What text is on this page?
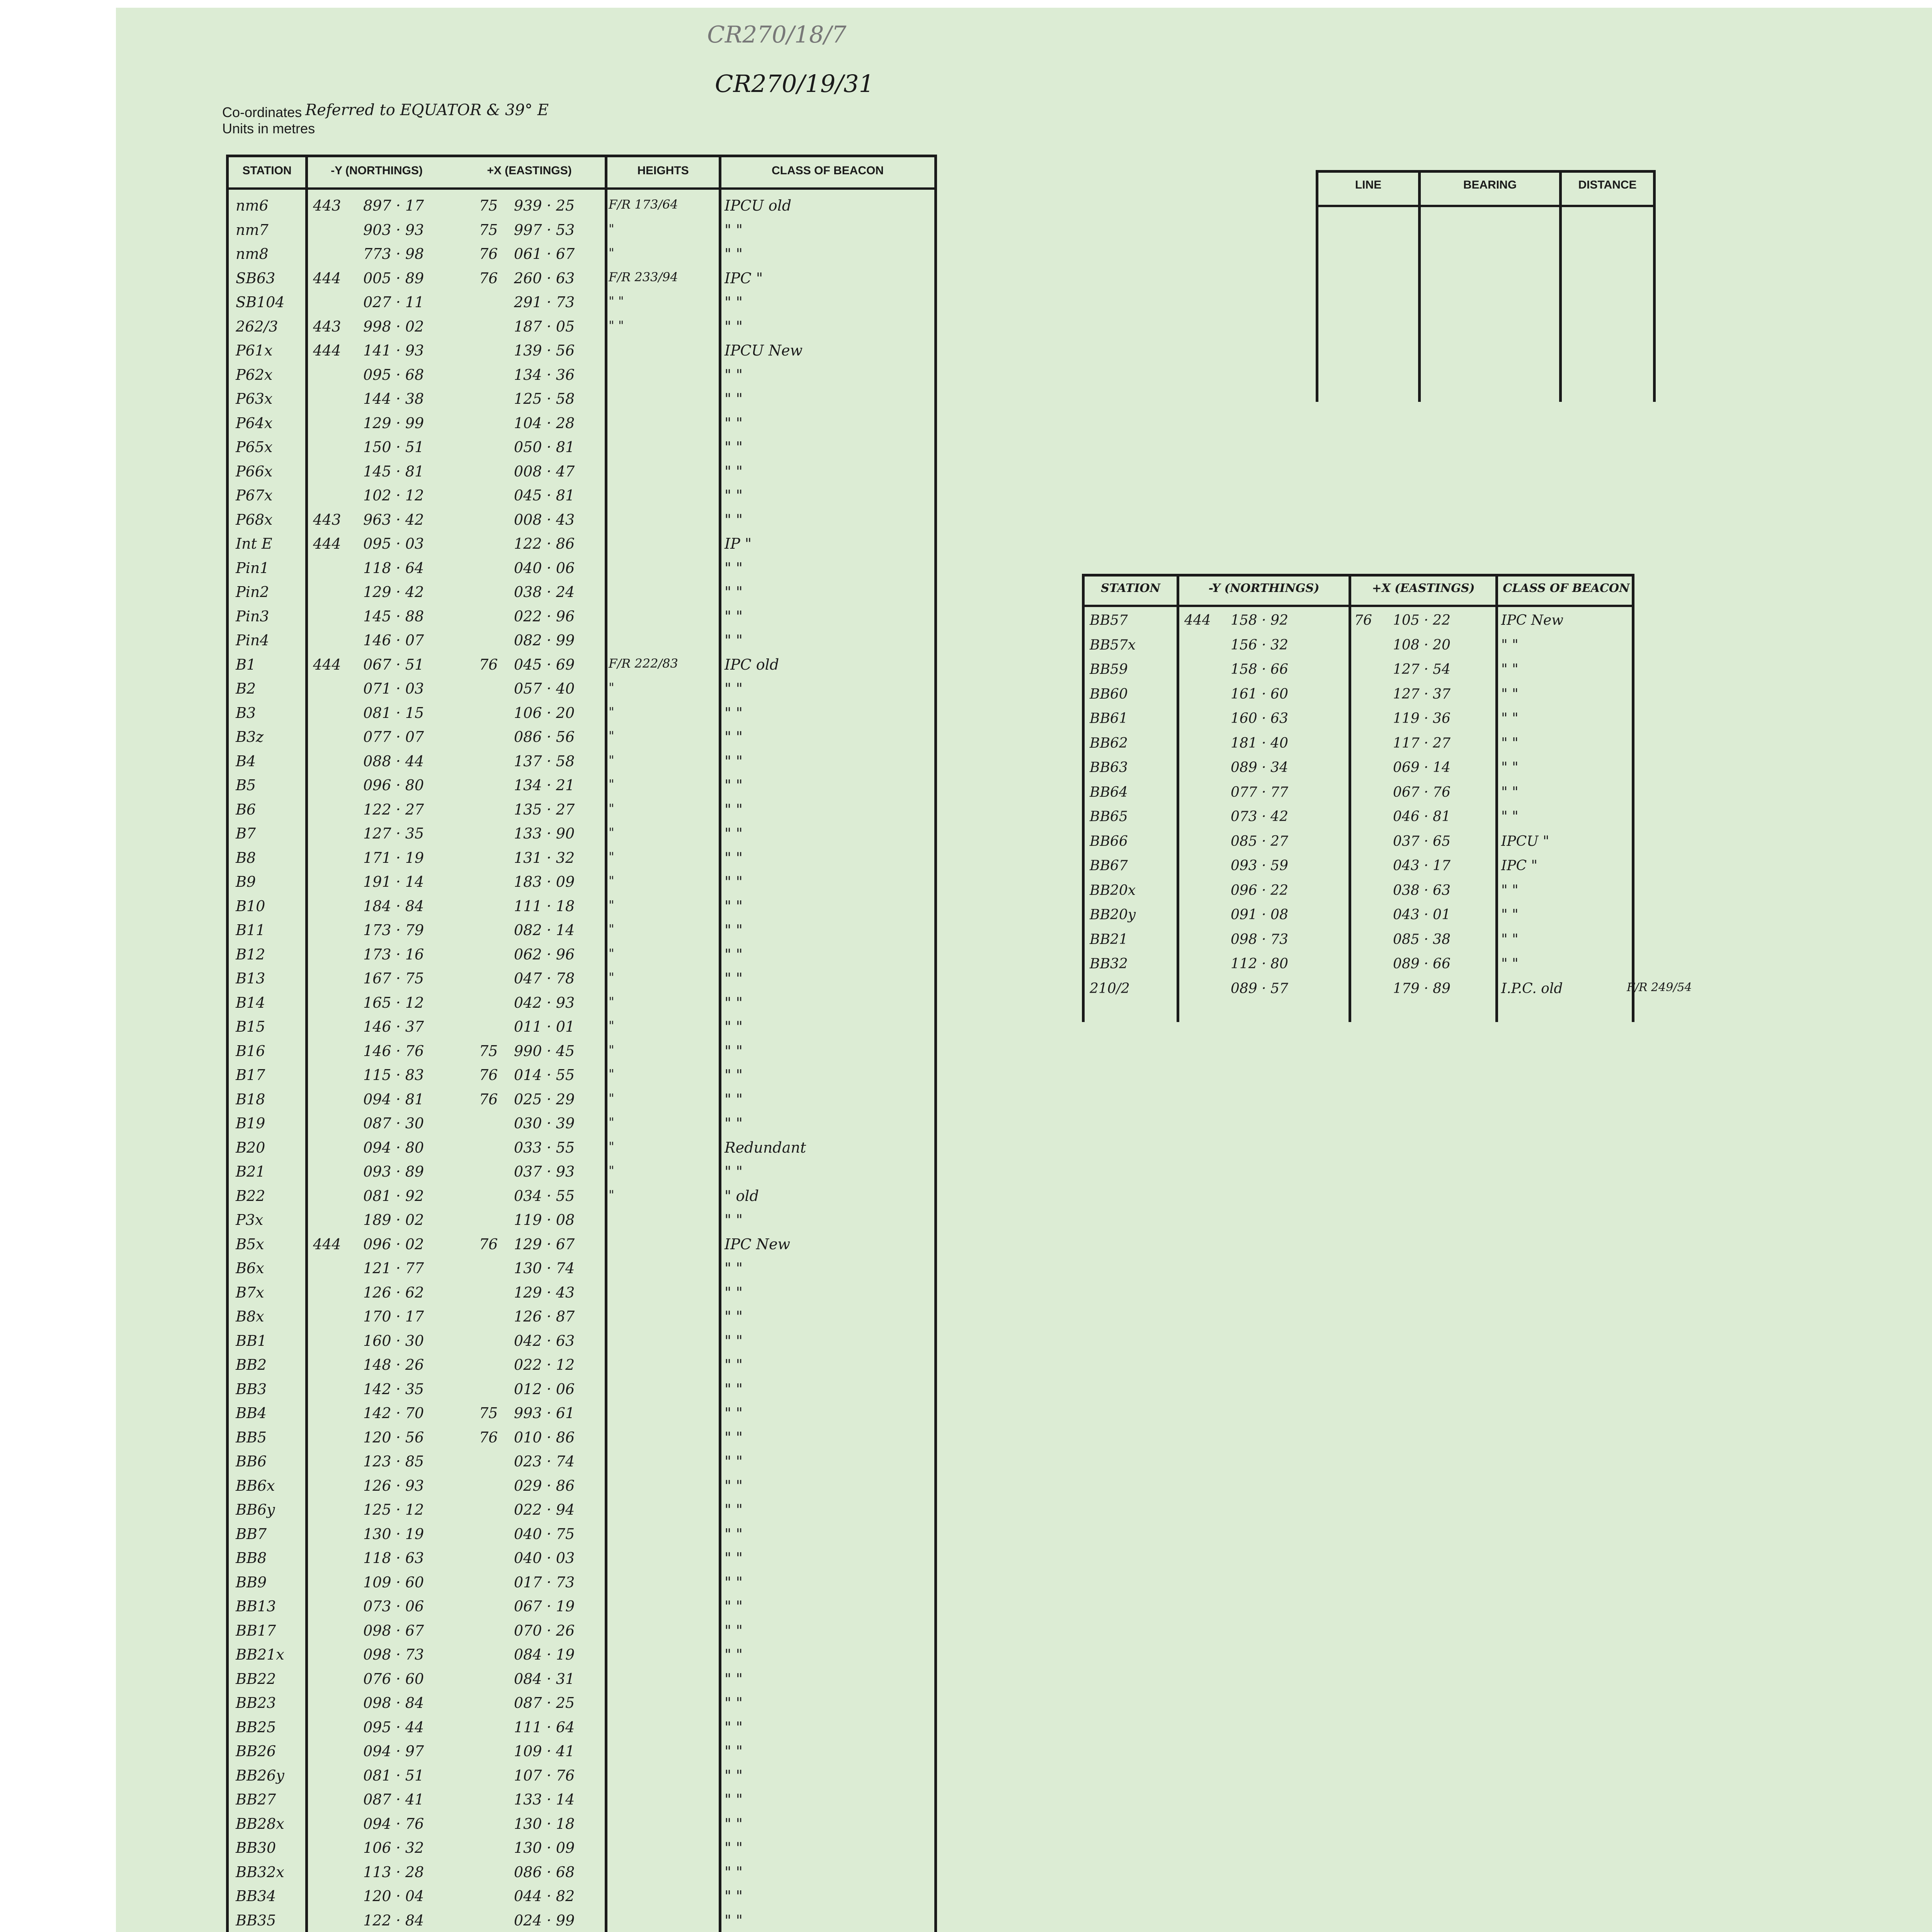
CR270/18/7
CR270/19/31
Co-ordinates Referred to EQUATOR & 39° E
Units in metres
STATION	-Y (NORTHINGS)	+X (EASTINGS)	HEIGHTS	CLASS OF BEACON
nm6	443 897 · 17	75 939 · 25	F/R 173/64	IPCU old
nm7	903 · 93	75 997 · 53	"	" "
nm8	773 · 98	76 061 · 67	"	" "
SB63	444 005 · 89	76 260 · 63	F/R 233/94	IPC "
SB104	027 · 11	291 · 73	" "	" "
262/3 443 998 · 02	187 · 05	" "	" "
P61x	444 141 · 93	139 · 56	IPCU New
P62x	095 · 68	134 · 36	" "
P63x	144 · 38	125 · 58	" "
P64x	129 · 99	104 · 28	" "
P65x	150 · 51	050 · 81	" "
P66x	145 · 81	008 · 47	" "
P67x	102 · 12	045 · 81	" "
P68x	443 963 · 42	008 · 43	" "
Int E	444 095 · 03	122 · 86	IP "
Pin1	118 · 64	040 · 06	" "
Pin2	129 · 42	038 · 24	" "
Pin3	145 · 88	022 · 96	" "
Pin4	146 · 07	082 · 99	" "
B1	444 067 · 51	76 045 · 69	F/R 222/83	IPC old
B2	071 · 03	057 · 40	"	" "
B3	081 · 15	106 · 20	"	" "
B3z	077 · 07	086 · 56	"	" "
B4	088 · 44	137 · 58	"	" "
B5	096 · 80	134 · 21	"	" "
B6	122 · 27	135 · 27	"	" "
B7	127 · 35	133 · 90	"	" "
B8	171 · 19	131 · 32	"	" "
B9	191 · 14	183 · 09	"	" "
B10	184 · 84	111 · 18	"	" "
B11	173 · 79	082 · 14	"	" "
B12	173 · 16	062 · 96	"	" "
B13	167 · 75	047 · 78	"	" "
B14	165 · 12	042 · 93	"	" "
B15	146 · 37	011 · 01	"	" "
B16	146 · 76	75 990 · 45	"	" "
B17	115 · 83	76 014 · 55	"	" "
B18	094 · 81	76 025 · 29	"	" "
B19	087 · 30	030 · 39	"	" "
B20	094 · 80	033 · 55	"	Redundant
B21	093 · 89	037 · 93	"	" "
B22	081 · 92	034 · 55	"	" old
P3x	189 · 02	119 · 08	" "
B5x	444 096 · 02	76 129 · 67	IPC New
B6x	121 · 77	130 · 74	" "
B7x	126 · 62	129 · 43	" "
B8x	170 · 17	126 · 87	" "
BB1	160 · 30	042 · 63	" "
BB2	148 · 26	022 · 12	" "
BB3	142 · 35	012 · 06	" "
BB4	142 · 70	75 993 · 61	" "
BB5	120 · 56	76 010 · 86	" "
BB6	123 · 85	023 · 74	" "
BB6x	126 · 93	029 · 86	" "
BB6y	125 · 12	022 · 94	" "
BB7	130 · 19	040 · 75	" "
BB8	118 · 63	040 · 03	" "
BB9	109 · 60	017 · 73	" "
BB13	073 · 06	067 · 19	" "
BB17	098 · 67	070 · 26	" "
BB21x	098 · 73	084 · 19	" "
BB22	076 · 60	084 · 31	" "
BB23	098 · 84	087 · 25	" "
BB25	095 · 44	111 · 64	" "
BB26	094 · 97	109 · 41	" "
BB26y	081 · 51	107 · 76	" "
BB27	087 · 41	133 · 14	" "
BB28x	094 · 76	130 · 18	" "
BB30	106 · 32	130 · 09	" "
BB32x	113 · 28	086 · 68	" "
BB34	120 · 04	044 · 82	" "
BB35	122 · 84	024 · 99	" "
LINE	BEARING	DISTANCE
STATION	-Y (NORTHINGS)	+X (EASTINGS)	CLASS OF BEACON
BB57	444 158 · 92	76 105 · 22	IPC New
BB57x	156 · 32	108 · 20	" "
BB59	158 · 66	127 · 54	" "
BB60	161 · 60	127 · 37	" "
BB61	160 · 63	119 · 36	" "
BB62	181 · 40	117 · 27	" "
BB63	089 · 34	069 · 14	" "
BB64	077 · 77	067 · 76	" "
BB65	073 · 42	046 · 81	" "
BB66	085 · 27	037 · 65	IPCU "
BB67	093 · 59	043 · 17	IPC "
BB20x	096 · 22	038 · 63	" "
BB20y	091 · 08	043 · 01	" "
BB21	098 · 73	085 · 38	" "
BB32	112 · 80	089 · 66	" "
210/2	089 · 57	179 · 89	I.P.C. old	F/R 249/54
